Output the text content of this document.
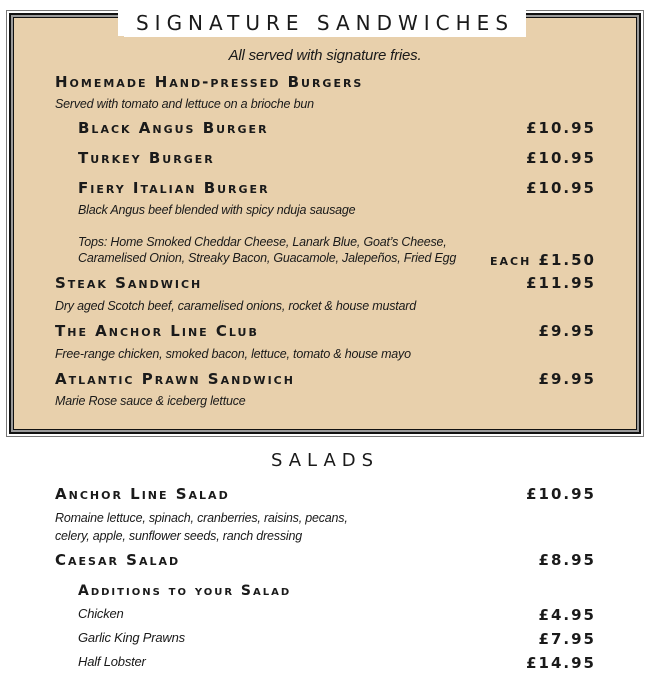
SIGNATURE SANDWICHES
All served with signature fries.
Homemade Hand-pressed Burgers
Served with tomato and lettuce on a brioche bun
Black Angus Burger	£10.95
Turkey Burger	£10.95
Fiery Italian Burger	£10.95
Black Angus beef blended with spicy nduja sausage
Tops: Home Smoked Cheddar Cheese, Lanark Blue, Goat’s Cheese,
Caramelised Onion, Streaky Bacon, Guacamole, Jalepeños, Fried Egg each £1.50
Steak Sandwich	£11.95
Dry aged Scotch beef, caramelised onions, rocket & house mustard
The Anchor Line Club	£9.95
Free-range chicken, smoked bacon, lettuce, tomato & house mayo
Atlantic Prawn Sandwich	£9.95
Marie Rose sauce & iceberg lettuce
SALADS
Anchor Line Salad	£10.95
Romaine lettuce, spinach, cranberries, raisins, pecans,
celery, apple, sunflower seeds, ranch dressing
Caesar Salad	£8.95
Additions to your Salad
Chicken	£4.95
Garlic King Prawns	£7.95
Half Lobster	£14.95
